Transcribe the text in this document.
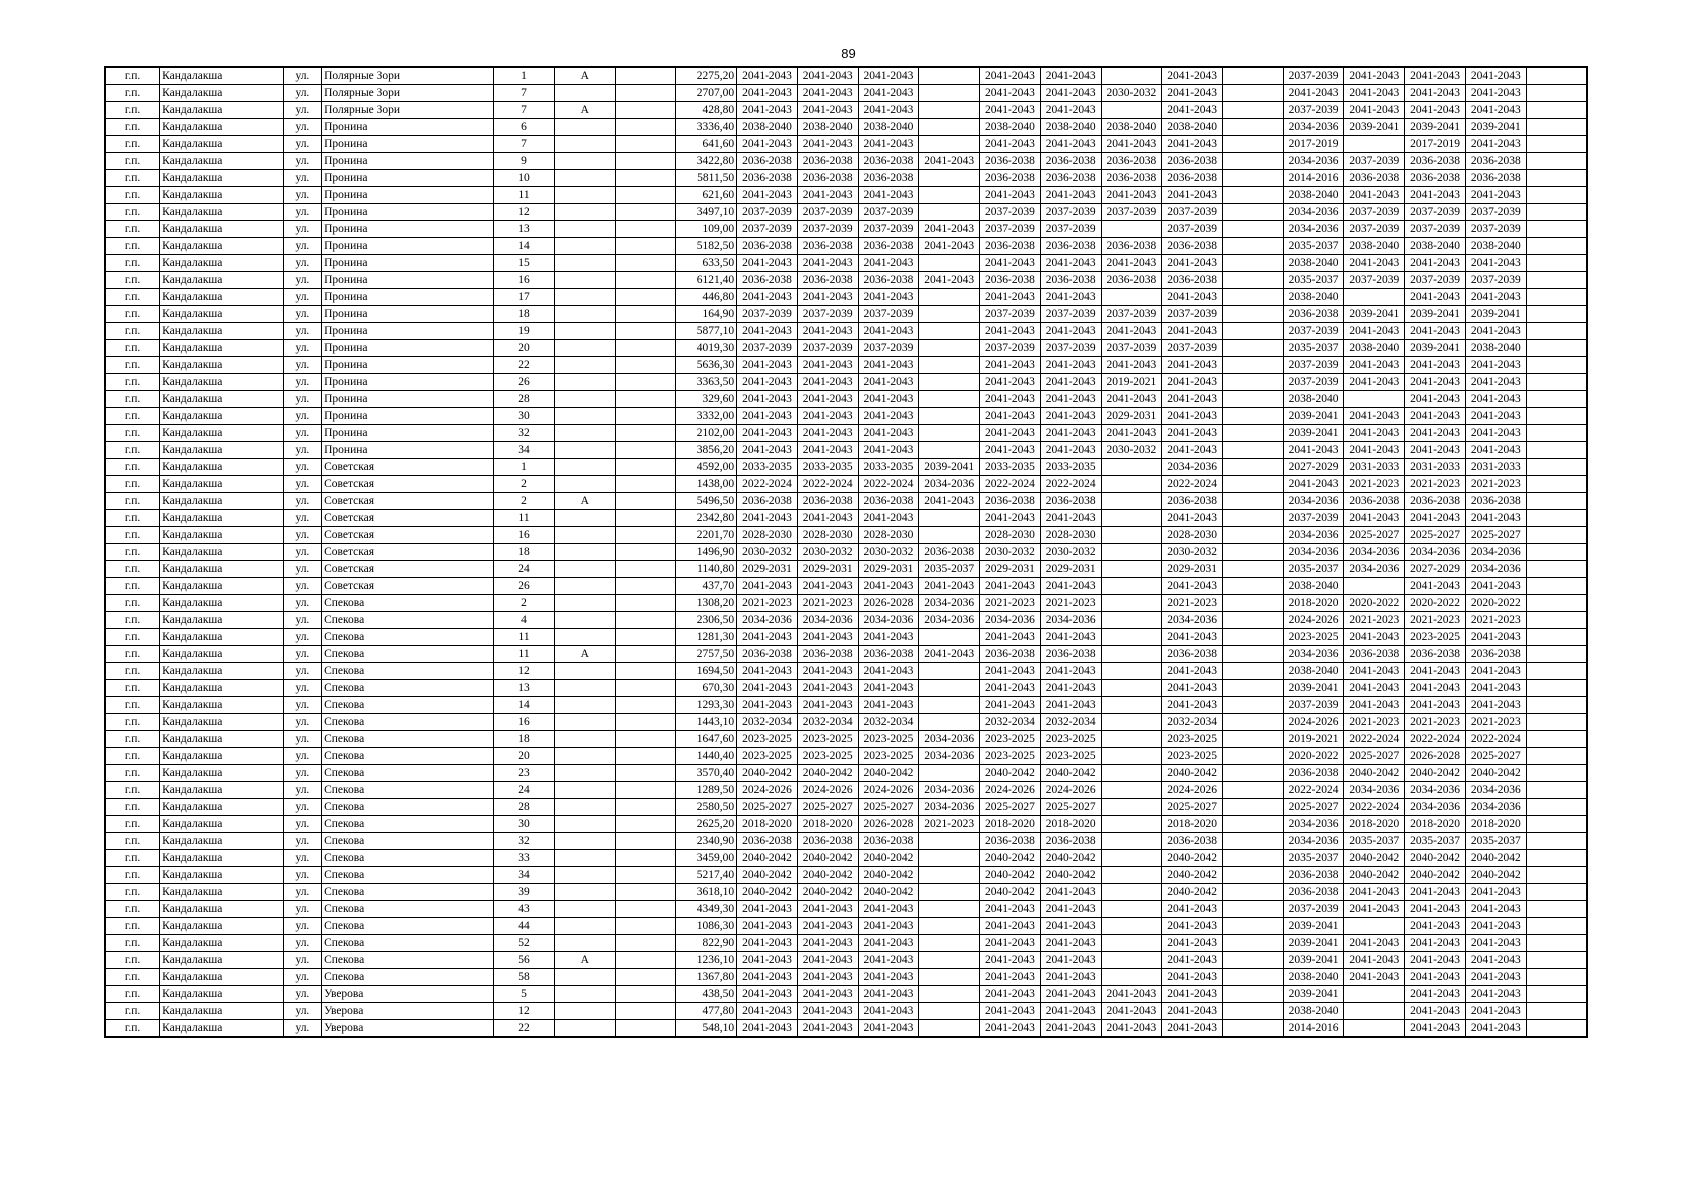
89
г.п.	Кандалакша	ул.	Полярные Зори	1	А		2275,20	2041-2043	2041-2043	2041-2043		2041-2043	2041-2043		2041-2043		2037-2039	2041-2043	2041-2043	2041-2043	
г.п.	Кандалакша	ул.	Полярные Зори	7			2707,00	2041-2043	2041-2043	2041-2043		2041-2043	2041-2043	2030-2032	2041-2043		2041-2043	2041-2043	2041-2043	2041-2043	
г.п.	Кандалакша	ул.	Полярные Зори	7	А		428,80	2041-2043	2041-2043	2041-2043		2041-2043	2041-2043		2041-2043		2037-2039	2041-2043	2041-2043	2041-2043	
г.п.	Кандалакша	ул.	Пронина	6			3336,40	2038-2040	2038-2040	2038-2040		2038-2040	2038-2040	2038-2040	2038-2040		2034-2036	2039-2041	2039-2041	2039-2041	
г.п.	Кандалакша	ул.	Пронина	7			641,60	2041-2043	2041-2043	2041-2043		2041-2043	2041-2043	2041-2043	2041-2043		2017-2019		2017-2019	2041-2043	
г.п.	Кандалакша	ул.	Пронина	9			3422,80	2036-2038	2036-2038	2036-2038	2041-2043	2036-2038	2036-2038	2036-2038	2036-2038		2034-2036	2037-2039	2036-2038	2036-2038	
г.п.	Кандалакша	ул.	Пронина	10			5811,50	2036-2038	2036-2038	2036-2038		2036-2038	2036-2038	2036-2038	2036-2038		2014-2016	2036-2038	2036-2038	2036-2038	
г.п.	Кандалакша	ул.	Пронина	11			621,60	2041-2043	2041-2043	2041-2043		2041-2043	2041-2043	2041-2043	2041-2043		2038-2040	2041-2043	2041-2043	2041-2043	
г.п.	Кандалакша	ул.	Пронина	12			3497,10	2037-2039	2037-2039	2037-2039		2037-2039	2037-2039	2037-2039	2037-2039		2034-2036	2037-2039	2037-2039	2037-2039	
г.п.	Кандалакша	ул.	Пронина	13			109,00	2037-2039	2037-2039	2037-2039	2041-2043	2037-2039	2037-2039		2037-2039		2034-2036	2037-2039	2037-2039	2037-2039	
г.п.	Кандалакша	ул.	Пронина	14			5182,50	2036-2038	2036-2038	2036-2038	2041-2043	2036-2038	2036-2038	2036-2038	2036-2038		2035-2037	2038-2040	2038-2040	2038-2040	
г.п.	Кандалакша	ул.	Пронина	15			633,50	2041-2043	2041-2043	2041-2043		2041-2043	2041-2043	2041-2043	2041-2043		2038-2040	2041-2043	2041-2043	2041-2043	
г.п.	Кандалакша	ул.	Пронина	16			6121,40	2036-2038	2036-2038	2036-2038	2041-2043	2036-2038	2036-2038	2036-2038	2036-2038		2035-2037	2037-2039	2037-2039	2037-2039	
г.п.	Кандалакша	ул.	Пронина	17			446,80	2041-2043	2041-2043	2041-2043		2041-2043	2041-2043		2041-2043		2038-2040		2041-2043	2041-2043	
г.п.	Кандалакша	ул.	Пронина	18			164,90	2037-2039	2037-2039	2037-2039		2037-2039	2037-2039	2037-2039	2037-2039		2036-2038	2039-2041	2039-2041	2039-2041	
г.п.	Кандалакша	ул.	Пронина	19			5877,10	2041-2043	2041-2043	2041-2043		2041-2043	2041-2043	2041-2043	2041-2043		2037-2039	2041-2043	2041-2043	2041-2043	
г.п.	Кандалакша	ул.	Пронина	20			4019,30	2037-2039	2037-2039	2037-2039		2037-2039	2037-2039	2037-2039	2037-2039		2035-2037	2038-2040	2039-2041	2038-2040	
г.п.	Кандалакша	ул.	Пронина	22			5636,30	2041-2043	2041-2043	2041-2043		2041-2043	2041-2043	2041-2043	2041-2043		2037-2039	2041-2043	2041-2043	2041-2043	
г.п.	Кандалакша	ул.	Пронина	26			3363,50	2041-2043	2041-2043	2041-2043		2041-2043	2041-2043	2019-2021	2041-2043		2037-2039	2041-2043	2041-2043	2041-2043	
г.п.	Кандалакша	ул.	Пронина	28			329,60	2041-2043	2041-2043	2041-2043		2041-2043	2041-2043	2041-2043	2041-2043		2038-2040		2041-2043	2041-2043	
г.п.	Кандалакша	ул.	Пронина	30			3332,00	2041-2043	2041-2043	2041-2043		2041-2043	2041-2043	2029-2031	2041-2043		2039-2041	2041-2043	2041-2043	2041-2043	
г.п.	Кандалакша	ул.	Пронина	32			2102,00	2041-2043	2041-2043	2041-2043		2041-2043	2041-2043	2041-2043	2041-2043		2039-2041	2041-2043	2041-2043	2041-2043	
г.п.	Кандалакша	ул.	Пронина	34			3856,20	2041-2043	2041-2043	2041-2043		2041-2043	2041-2043	2030-2032	2041-2043		2041-2043	2041-2043	2041-2043	2041-2043	
г.п.	Кандалакша	ул.	Советская	1			4592,00	2033-2035	2033-2035	2033-2035	2039-2041	2033-2035	2033-2035		2034-2036		2027-2029	2031-2033	2031-2033	2031-2033	
г.п.	Кандалакша	ул.	Советская	2			1438,00	2022-2024	2022-2024	2022-2024	2034-2036	2022-2024	2022-2024		2022-2024		2041-2043	2021-2023	2021-2023	2021-2023	
г.п.	Кандалакша	ул.	Советская	2	А		5496,50	2036-2038	2036-2038	2036-2038	2041-2043	2036-2038	2036-2038		2036-2038		2034-2036	2036-2038	2036-2038	2036-2038	
г.п.	Кандалакша	ул.	Советская	11			2342,80	2041-2043	2041-2043	2041-2043		2041-2043	2041-2043		2041-2043		2037-2039	2041-2043	2041-2043	2041-2043	
г.п.	Кандалакша	ул.	Советская	16			2201,70	2028-2030	2028-2030	2028-2030		2028-2030	2028-2030		2028-2030		2034-2036	2025-2027	2025-2027	2025-2027	
г.п.	Кандалакша	ул.	Советская	18			1496,90	2030-2032	2030-2032	2030-2032	2036-2038	2030-2032	2030-2032		2030-2032		2034-2036	2034-2036	2034-2036	2034-2036	
г.п.	Кандалакша	ул.	Советская	24			1140,80	2029-2031	2029-2031	2029-2031	2035-2037	2029-2031	2029-2031		2029-2031		2035-2037	2034-2036	2027-2029	2034-2036	
г.п.	Кандалакша	ул.	Советская	26			437,70	2041-2043	2041-2043	2041-2043	2041-2043	2041-2043	2041-2043		2041-2043		2038-2040		2041-2043	2041-2043	
г.п.	Кандалакша	ул.	Спекова	2			1308,20	2021-2023	2021-2023	2026-2028	2034-2036	2021-2023	2021-2023		2021-2023		2018-2020	2020-2022	2020-2022	2020-2022	
г.п.	Кандалакша	ул.	Спекова	4			2306,50	2034-2036	2034-2036	2034-2036	2034-2036	2034-2036	2034-2036		2034-2036		2024-2026	2021-2023	2021-2023	2021-2023	
г.п.	Кандалакша	ул.	Спекова	11			1281,30	2041-2043	2041-2043	2041-2043		2041-2043	2041-2043		2041-2043		2023-2025	2041-2043	2023-2025	2041-2043	
г.п.	Кандалакша	ул.	Спекова	11	А		2757,50	2036-2038	2036-2038	2036-2038	2041-2043	2036-2038	2036-2038		2036-2038		2034-2036	2036-2038	2036-2038	2036-2038	
г.п.	Кандалакша	ул.	Спекова	12			1694,50	2041-2043	2041-2043	2041-2043		2041-2043	2041-2043		2041-2043		2038-2040	2041-2043	2041-2043	2041-2043	
г.п.	Кандалакша	ул.	Спекова	13			670,30	2041-2043	2041-2043	2041-2043		2041-2043	2041-2043		2041-2043		2039-2041	2041-2043	2041-2043	2041-2043	
г.п.	Кандалакша	ул.	Спекова	14			1293,30	2041-2043	2041-2043	2041-2043		2041-2043	2041-2043		2041-2043		2037-2039	2041-2043	2041-2043	2041-2043	
г.п.	Кандалакша	ул.	Спекова	16			1443,10	2032-2034	2032-2034	2032-2034		2032-2034	2032-2034		2032-2034		2024-2026	2021-2023	2021-2023	2021-2023	
г.п.	Кандалакша	ул.	Спекова	18			1647,60	2023-2025	2023-2025	2023-2025	2034-2036	2023-2025	2023-2025		2023-2025		2019-2021	2022-2024	2022-2024	2022-2024	
г.п.	Кандалакша	ул.	Спекова	20			1440,40	2023-2025	2023-2025	2023-2025	2034-2036	2023-2025	2023-2025		2023-2025		2020-2022	2025-2027	2026-2028	2025-2027	
г.п.	Кандалакша	ул.	Спекова	23			3570,40	2040-2042	2040-2042	2040-2042		2040-2042	2040-2042		2040-2042		2036-2038	2040-2042	2040-2042	2040-2042	
г.п.	Кандалакша	ул.	Спекова	24			1289,50	2024-2026	2024-2026	2024-2026	2034-2036	2024-2026	2024-2026		2024-2026		2022-2024	2034-2036	2034-2036	2034-2036	
г.п.	Кандалакша	ул.	Спекова	28			2580,50	2025-2027	2025-2027	2025-2027	2034-2036	2025-2027	2025-2027		2025-2027		2025-2027	2022-2024	2034-2036	2034-2036	
г.п.	Кандалакша	ул.	Спекова	30			2625,20	2018-2020	2018-2020	2026-2028	2021-2023	2018-2020	2018-2020		2018-2020		2034-2036	2018-2020	2018-2020	2018-2020	
г.п.	Кандалакша	ул.	Спекова	32			2340,90	2036-2038	2036-2038	2036-2038		2036-2038	2036-2038		2036-2038		2034-2036	2035-2037	2035-2037	2035-2037	
г.п.	Кандалакша	ул.	Спекова	33			3459,00	2040-2042	2040-2042	2040-2042		2040-2042	2040-2042		2040-2042		2035-2037	2040-2042	2040-2042	2040-2042	
г.п.	Кандалакша	ул.	Спекова	34			5217,40	2040-2042	2040-2042	2040-2042		2040-2042	2040-2042		2040-2042		2036-2038	2040-2042	2040-2042	2040-2042	
г.п.	Кандалакша	ул.	Спекова	39			3618,10	2040-2042	2040-2042	2040-2042		2040-2042	2041-2043		2040-2042		2036-2038	2041-2043	2041-2043	2041-2043	
г.п.	Кандалакша	ул.	Спекова	43			4349,30	2041-2043	2041-2043	2041-2043		2041-2043	2041-2043		2041-2043		2037-2039	2041-2043	2041-2043	2041-2043	
г.п.	Кандалакша	ул.	Спекова	44			1086,30	2041-2043	2041-2043	2041-2043		2041-2043	2041-2043		2041-2043		2039-2041		2041-2043	2041-2043	
г.п.	Кандалакша	ул.	Спекова	52			822,90	2041-2043	2041-2043	2041-2043		2041-2043	2041-2043		2041-2043		2039-2041	2041-2043	2041-2043	2041-2043	
г.п.	Кандалакша	ул.	Спекова	56	А		1236,10	2041-2043	2041-2043	2041-2043		2041-2043	2041-2043		2041-2043		2039-2041	2041-2043	2041-2043	2041-2043	
г.п.	Кандалакша	ул.	Спекова	58			1367,80	2041-2043	2041-2043	2041-2043		2041-2043	2041-2043		2041-2043		2038-2040	2041-2043	2041-2043	2041-2043	
г.п.	Кандалакша	ул.	Уверова	5			438,50	2041-2043	2041-2043	2041-2043		2041-2043	2041-2043	2041-2043	2041-2043		2039-2041		2041-2043	2041-2043	
г.п.	Кандалакша	ул.	Уверова	12			477,80	2041-2043	2041-2043	2041-2043		2041-2043	2041-2043	2041-2043	2041-2043		2038-2040		2041-2043	2041-2043	
г.п.	Кандалакша	ул.	Уверова	22			548,10	2041-2043	2041-2043	2041-2043		2041-2043	2041-2043	2041-2043	2041-2043		2014-2016		2041-2043	2041-2043	
